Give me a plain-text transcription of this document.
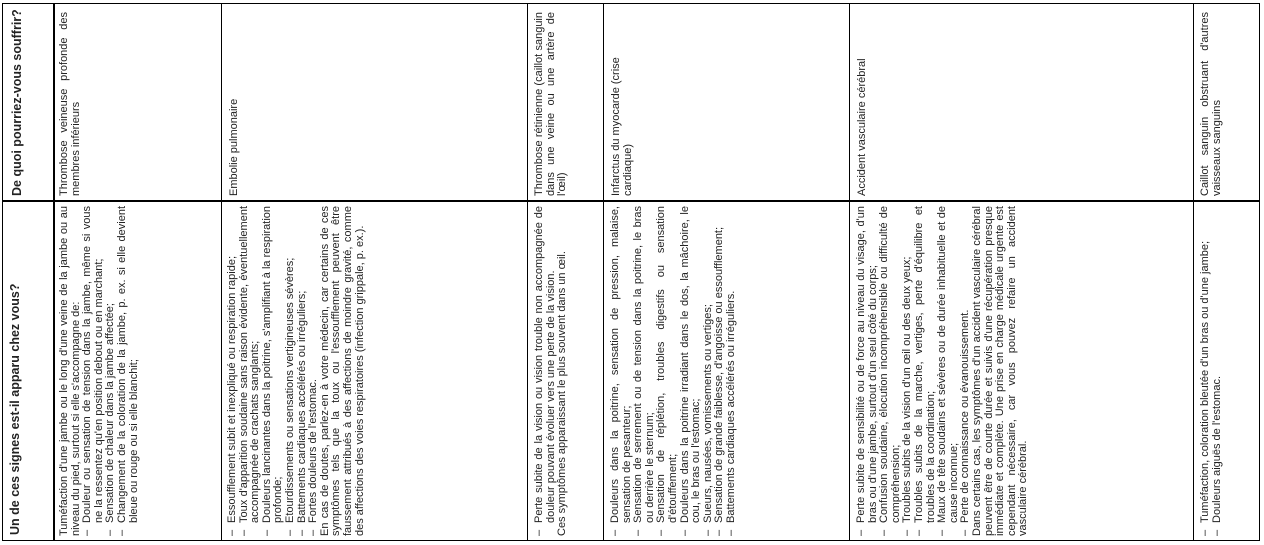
Un de ces signes est-il apparu chez vous?
De quoi pourriez-vous souffrir?	Thrombose veineuse profonde des membres inférieurs

Tuméfaction d'une jambe ou le long d'une veine de la jambe ou au niveau du pied, surtout si elle s'accompagne de: – Douleur ou sensation de tension dans la jambe, même si vous ne la ressentez qu'en position debout ou en marchant; – Sensation de chaleur dans la jambe affectée; – Changement de la coloration de la jambe, p. ex. si elle devient bleue ou rouge ou si elle blanchit;
Embolie pulmonaire
– Essoufflement subit et inexpliqué ou respiration rapide; – Toux d'apparition soudaine sans raison évidente, éventuellement accompagnée de crachats sanglants; – Douleurs lancinantes dans la poitrine, s'amplifiant à la respiration profonde; – Etourdissements ou sensations vertigineuses sévères; – Battements cardiaques accélérés ou irréguliers; – Fortes douleurs de l'estomac. En cas de doutes, parlez-en à votre médecin, car certains de ces symptômes tels que la toux ou l'essoufflement peuvent être faussement attribués à des affections de moindre gravité, comme des affections des voies respiratoires (infection grippale, p. ex.).

Thrombose rétinienne (caillot sanguin dans une veine ou une artère de l'œil)
– Perte subite de la vision ou vision trouble non accompagnée de douleur pouvant évoluer vers une perte de la vision. Ces symptômes apparaissant le plus souvent dans un œil.

Infarctus du myocarde (crise cardiaque)
– Douleurs dans la poitrine, sensation de pression, malaise, sensation de pesanteur; – Sensation de serrement ou de tension dans la poitrine, le bras ou derrière le sternum; – Sensation de réplétion, troubles digestifs ou sensation d'étouffement; – Douleurs dans la poitrine irradiant dans le dos, la mâchoire, le cou, le bras ou l'estomac; – Sueurs, nausées, vomissements ou vertiges; – Sensation de grande faiblesse, d'angoisse ou essoufflement; – Battements cardiaques accélérés ou irréguliers.
Accident vasculaire cérébral
– Perte subite de sensibilité ou de force au niveau du visage, d'un bras ou d'une jambe, surtout d'un seul côté du corps; – Confusion soudaine, élocution incompréhensible ou difficulté de compréhension; – Troubles subits de la vision d'un œil ou des deux yeux; – Troubles subits de la marche, vertiges, perte d'équilibre et troubles de la coordination; – Maux de tête soudains et sévères ou de durée inhabituelle et de cause inconnue; – Perte de connaissance ou évanouissement. Dans certains cas, les symptômes d'un accident vasculaire cérébral peuvent être de courte durée et suivis d'une récupération presque immédiate et complète. Une prise en charge médicale urgente est cependant nécessaire, car vous pouvez refaire un accident vasculaire cérébral.

Caillot sanguin obstruant d'autres vaisseaux sanguins
– Tuméfaction, coloration bleutée d'un bras ou d'une jambe; – Douleurs aiguës de l'estomac.
